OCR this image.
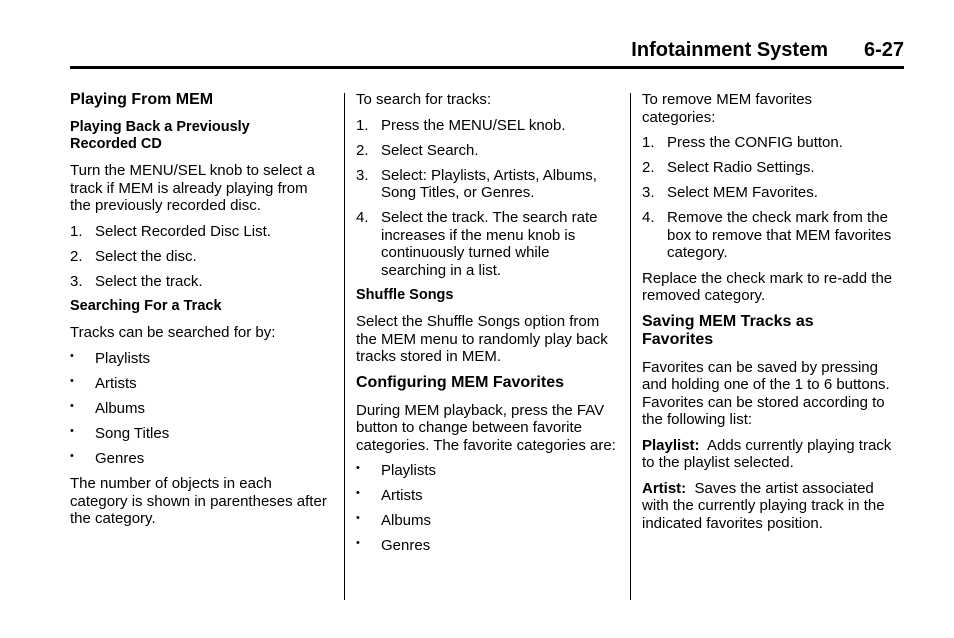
Infotainment System 6-27
Playing From MEM
Playing Back a Previously Recorded CD
Turn the MENU/SEL knob to select a track if MEM is already playing from the previously recorded disc.
1. Select Recorded Disc List.
2. Select the disc.
3. Select the track.
Searching For a Track
Tracks can be searched for by:
• Playlists
• Artists
• Albums
• Song Titles
• Genres
The number of objects in each category is shown in parentheses after the category.
To search for tracks:
1. Press the MENU/SEL knob.
2. Select Search.
3. Select: Playlists, Artists, Albums, Song Titles, or Genres.
4. Select the track. The search rate increases if the menu knob is continuously turned while searching in a list.
Shuffle Songs
Select the Shuffle Songs option from the MEM menu to randomly play back tracks stored in MEM.
Configuring MEM Favorites
During MEM playback, press the FAV button to change between favorite categories. The favorite categories are:
• Playlists
• Artists
• Albums
• Genres
To remove MEM favorites categories:
1. Press the CONFIG button.
2. Select Radio Settings.
3. Select MEM Favorites.
4. Remove the check mark from the box to remove that MEM favorites category.
Replace the check mark to re-add the removed category.
Saving MEM Tracks as Favorites
Favorites can be saved by pressing and holding one of the 1 to 6 buttons. Favorites can be stored according to the following list:
Playlist: Adds currently playing track to the playlist selected.
Artist: Saves the artist associated with the currently playing track in the indicated favorites position.
